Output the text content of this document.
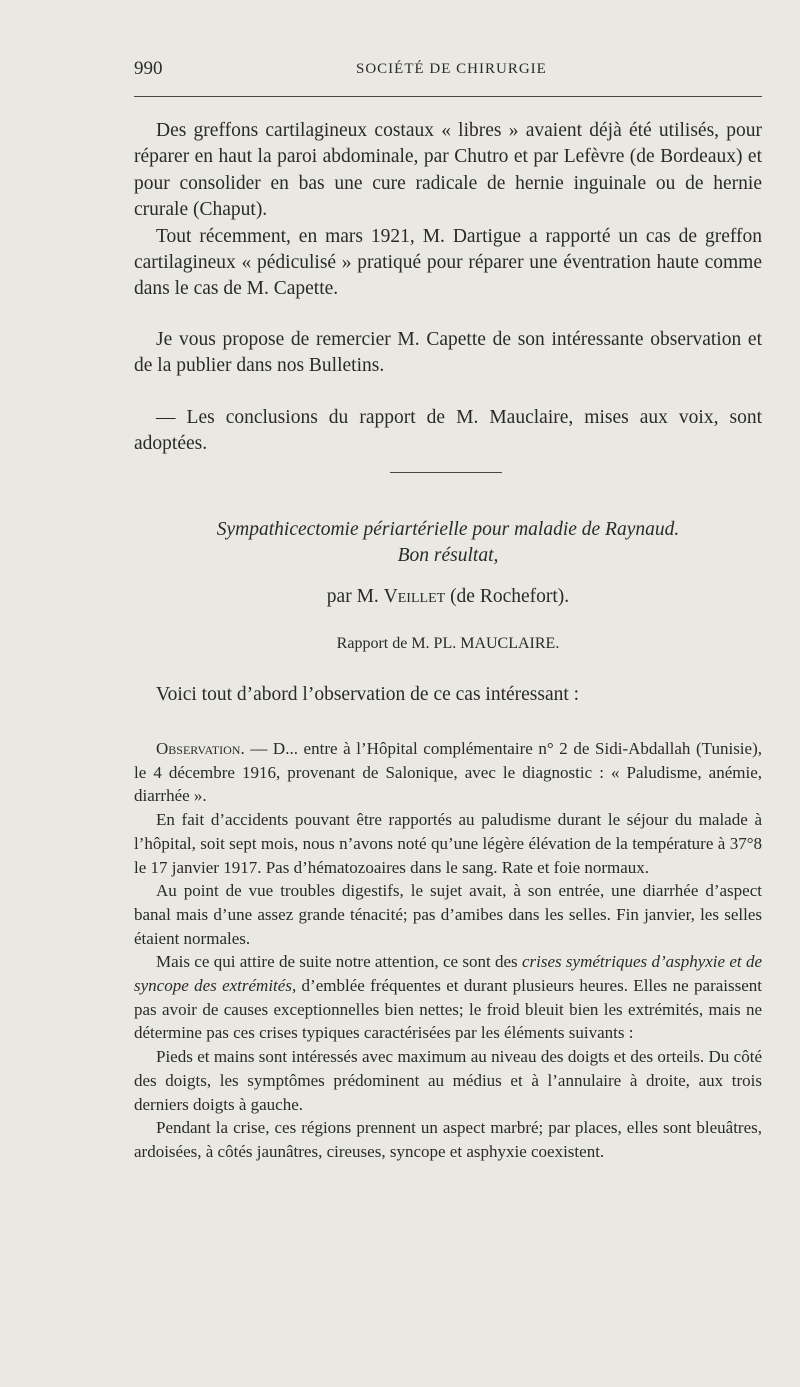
990	SOCIÉTÉ DE CHIRURGIE

Des greffons cartilagineux costaux « libres » avaient déjà été utilisés, pour réparer en haut la paroi abdominale, par Chutro et par Lefèvre (de Bordeaux) et pour consolider en bas une cure radicale de hernie inguinale ou de hernie crurale (Chaput).

Tout récemment, en mars 1921, M. Dartigue a rapporté un cas de greffon cartilagineux « pédiculisé » pratiqué pour réparer une éventration haute comme dans le cas de M. Capette.

Je vous propose de remercier M. Capette de son intéressante observation et de la publier dans nos Bulletins.

— Les conclusions du rapport de M. Mauclaire, mises aux voix, sont adoptées.

Sympathicectomie périartérielle pour maladie de Raynaud.
Bon résultat,
par M. Veillet (de Rochefort).
Rapport de M. PL. MAUCLAIRE.

Voici tout d’abord l’observation de ce cas intéressant :

Observation. — D... entre à l’Hôpital complémentaire n° 2 de Sidi-Abdallah (Tunisie), le 4 décembre 1916, provenant de Salonique, avec le diagnostic : « Paludisme, anémie, diarrhée ».

En fait d’accidents pouvant être rapportés au paludisme durant le séjour du malade à l’hôpital, soit sept mois, nous n’avons noté qu’une légère élévation de la température à 37°8 le 17 janvier 1917. Pas d’hématozoaires dans le sang. Rate et foie normaux.

Au point de vue troubles digestifs, le sujet avait, à son entrée, une diarrhée d’aspect banal mais d’une assez grande ténacité; pas d’amibes dans les selles. Fin janvier, les selles étaient normales.

Mais ce qui attire de suite notre attention, ce sont des crises symétriques d’asphyxie et de syncope des extrémités, d’emblée fréquentes et durant plusieurs heures. Elles ne paraissent pas avoir de causes exceptionnelles bien nettes; le froid bleuit bien les extrémités, mais ne détermine pas ces crises typiques caractérisées par les éléments suivants :

Pieds et mains sont intéressés avec maximum au niveau des doigts et des orteils. Du côté des doigts, les symptômes prédominent au médius et à l’annulaire à droite, aux trois derniers doigts à gauche.

Pendant la crise, ces régions prennent un aspect marbré; par places, elles sont bleuâtres, ardoisées, à côtés jaunâtres, cireuses, syncope et asphyxie coexistent.
